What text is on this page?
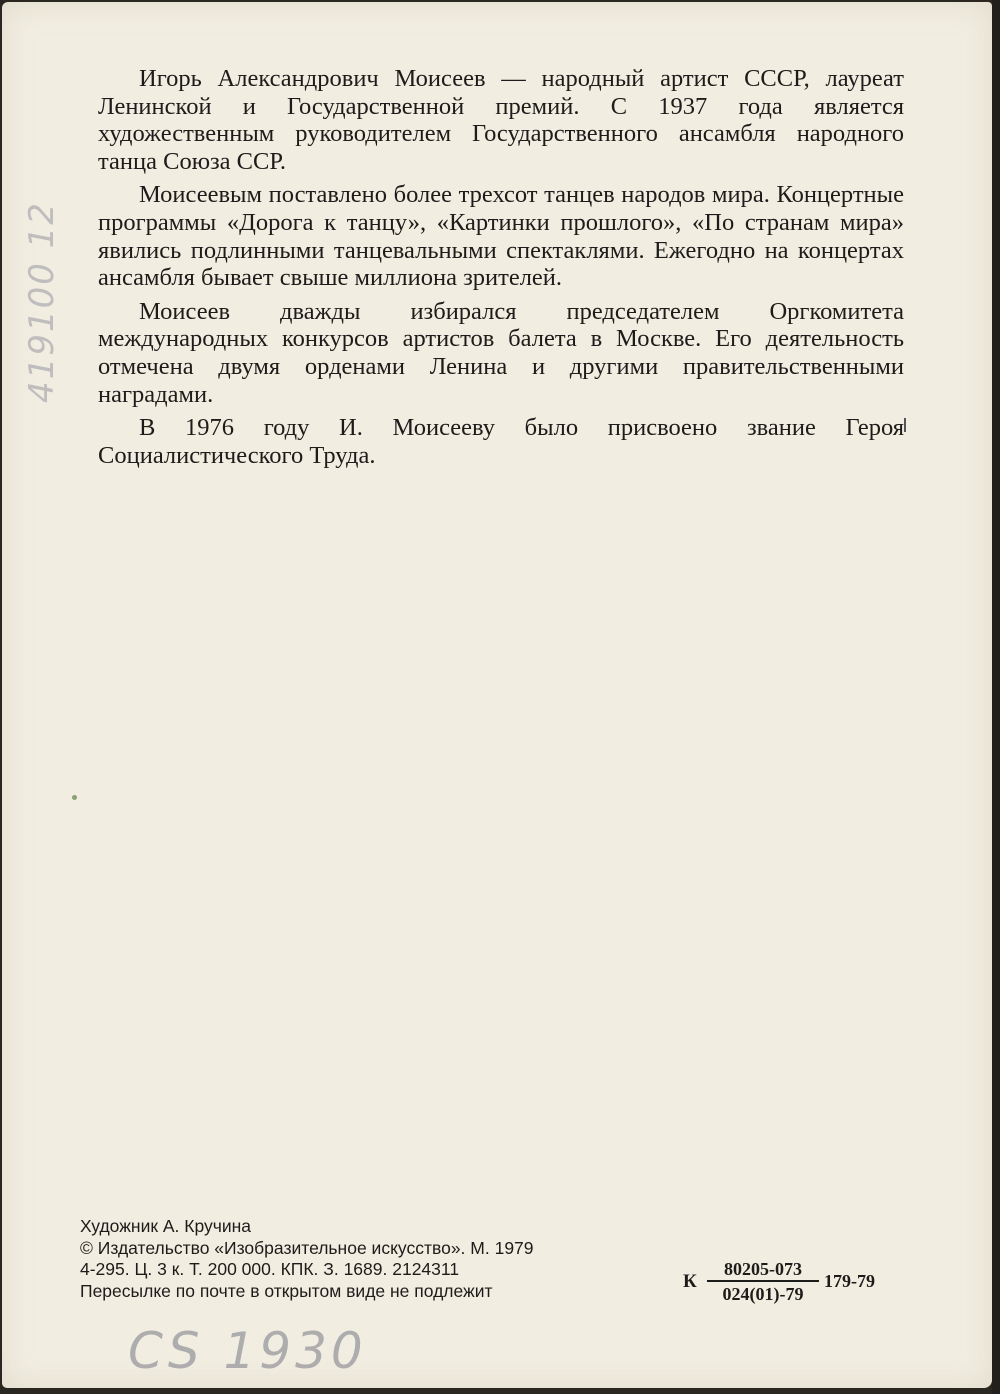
Игорь Александрович Моисеев — народный артист СССР, лауреат Ленинской и Государственной премий. С 1937 года является художественным руководителем Государственного ансамбля народного танца Союза ССР.

Моисеевым поставлено более трехсот танцев народов мира. Концертные программы «Дорога к танцу», «Картинки прошлого», «По странам мира» явились подлинными танцевальными спектаклями. Ежегодно на концертах ансамбля бывает свыше миллиона зрителей.

Моисеев дважды избирался председателем Оргкомитета международных конкурсов артистов балета в Москве. Его деятельность отмечена двумя орденами Ленина и другими правительственными наградами.

В 1976 году И. Моисееву было присвоено звание Героя Социалистического Труда.

419100 12
Художник А. Кручина
© Издательство «Изобразительное искусство». М. 1979
4-295. Ц. 3 к. Т. 200 000. КПК. З. 1689. 2124311
Пересылке по почте в открытом виде не подлежит	К $\frac{80205-073}{024(01)-79} 179-79$
CS 1930
